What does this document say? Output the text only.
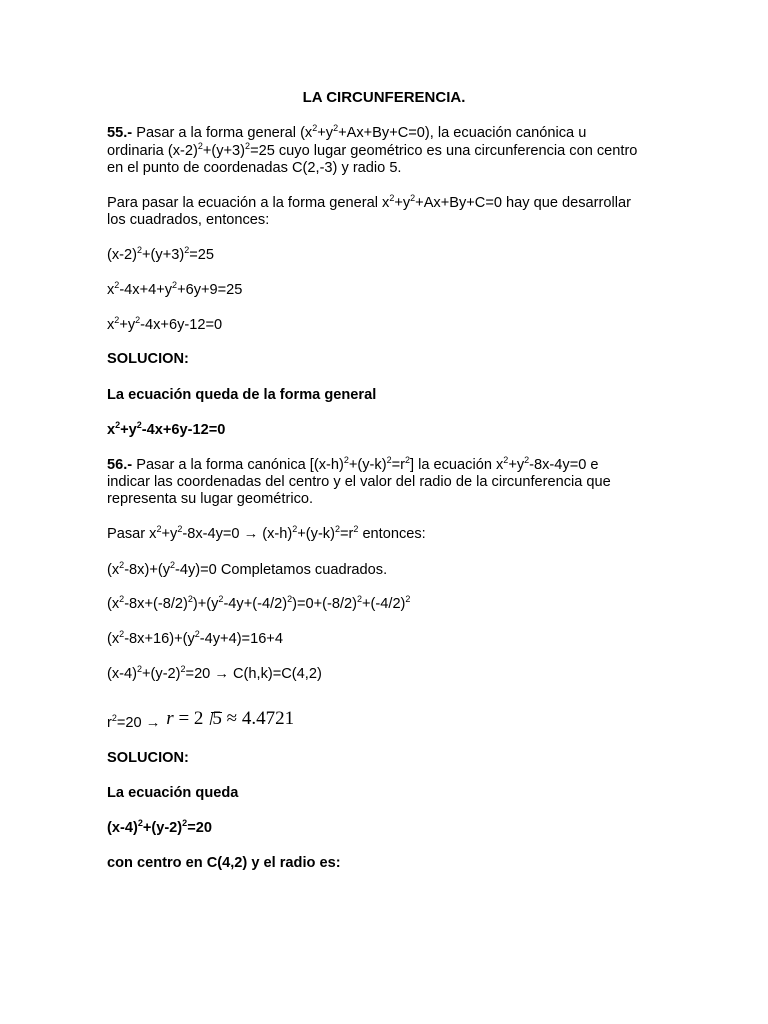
LA CIRCUNFERENCIA.

55.- Pasar a la forma general $(x^2+y^2+Ax+By+C=0)$, la ecuación canónica u

ordinaria $(x-2)^2+(y+3)^2=25$ cuyo lugar geométrico es una circunferencia con centro

en el punto de coordenadas C(2,-3) y radio 5.

Para pasar la ecuación a la forma general $x^2+y^2+Ax+By+C=0$ hay que desarrollar

los cuadrados, entonces:

$(x-2)^2+(y+3)^2=25$

$x^2-4x+4+y^2+6y+9=25$

$x^2+y^2-4x+6y-12=0$

SOLUCION:

La ecuación queda de la forma general

$x^2+y^2-4x+6y-12=0$

56.- Pasar a la forma canónica $[(x-h)^2+(y-k)^2=r^2]$ la ecuación $x^2+y^2-8x-4y=0$ e

indicar las coordenadas del centro y el valor del radio de la circunferencia que

representa su lugar geométrico.

Pasar $x^2+y^2-8x-4y=0 \to (x-h)^2+(y-k)^2=r^2$ entonces:

$(x^2-8x)+(y^2-4y)=0$ Completamos cuadrados.

$(x^2-8x+(-8/2)^2)+(y^2-4y+(-4/2)^2)=0+(-8/2)^2+(-4/2)^2$

$(x^2-8x+16)+(y^2-4y+4)=16+4$

$(x-4)^2+(y-2)^2=20 \to C(h,k)=C(4,2)$

$r^2=20 \to r = 2$ 5 ≈ 4.4721

SOLUCION:

La ecuación queda

$(x-4)^2+(y-2)^2=20$

con centro en C(4,2) y el radio es:
